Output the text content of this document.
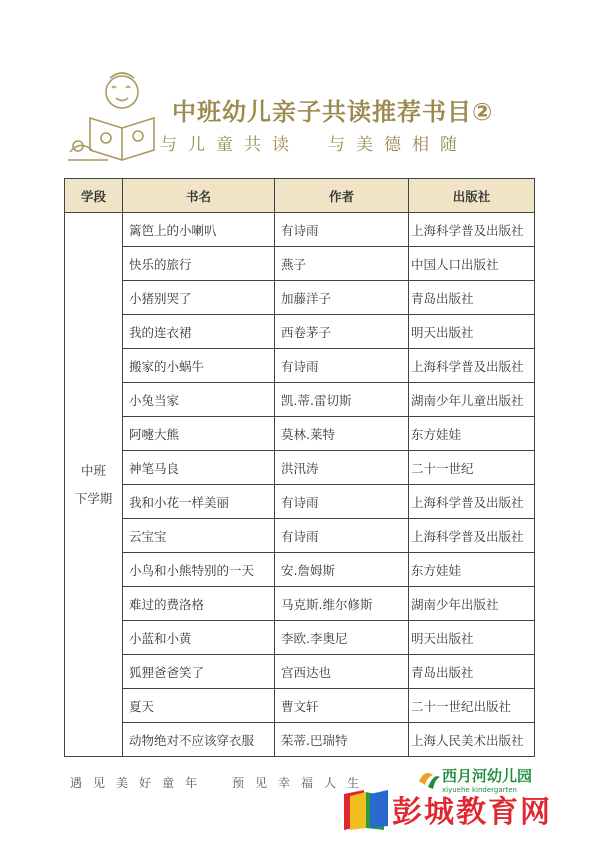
中班幼儿亲子共读推荐书目②
与儿童共读 与美德相随
学段	书名	作者	出版社

中班
下学期	篱笆上的小喇叭	有诗雨	上海科学普及出版社
	快乐的旅行	燕子	中国人口出版社
	小猪别哭了	加藤洋子	青岛出版社
	我的连衣裙	西卷茅子	明天出版社
	搬家的小蜗牛	有诗雨	上海科学普及出版社
	小兔当家	凯.蒂.雷切斯	湖南少年儿童出版社
	阿嚏大熊	莫林.莱特	东方娃娃
	神笔马良	洪汛涛	二十一世纪
	我和小花一样美丽	有诗雨	上海科学普及出版社
	云宝宝	有诗雨	上海科学普及出版社
	小鸟和小熊特别的一天	安.詹姆斯	东方娃娃
	难过的费洛格	马克斯.维尔修斯	湖南少年出版社
	小蓝和小黄	李欧.李奥尼	明天出版社
	狐狸爸爸笑了	宫西达也	青岛出版社
	夏天	曹文轩	二十一世纪出版社
	动物绝对不应该穿衣服	茱蒂.巴瑞特	上海人民美术出版社
遇见美好童年 预见幸福人生	西月河幼儿园
xiyuehe kindergarten
彭城教育网
